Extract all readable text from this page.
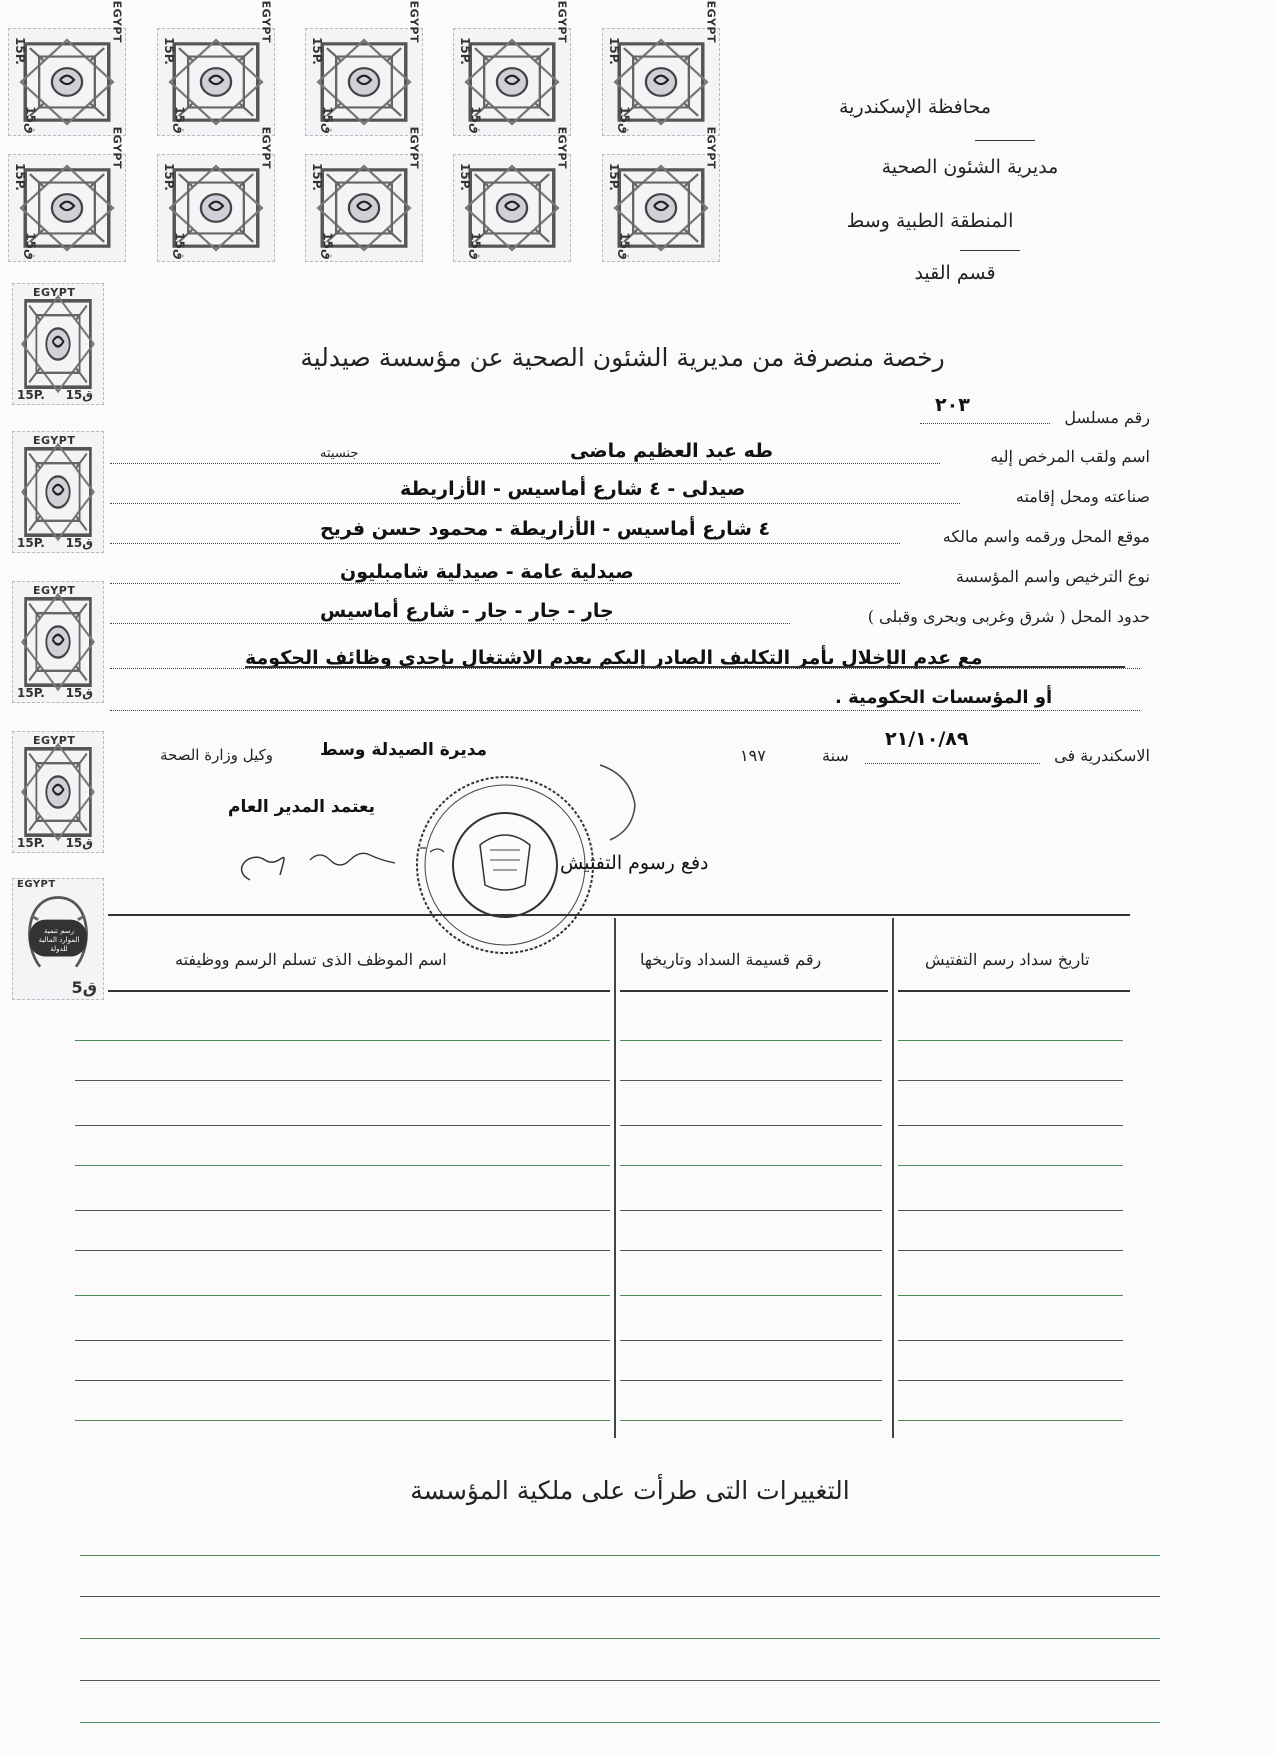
EGYPT
15P.
15ق
EGYPT
15P.
15ق
EGYPT
15P.
15ق
EGYPT
15P.
15ق
EGYPT
15P.
15ق
EGYPT
15P.
15ق
EGYPT
15P.
15ق
EGYPT
15P.
15ق
EGYPT
15P.
15ق
EGYPT
15P.
15ق
EGYPT
15P. 15ق
EGYPT
15P. 15ق
EGYPT
15P. 15ق
EGYPT
15P. 15ق
محافظة الإسكندرية
مديرية الشئون الصحية
المنطقة الطبية وسط
قسم القيد
رخصة منصرفة من مديرية الشئون الصحية عن مؤسسة صيدلية
رقم مسلسل
٢٠٣
اسم ولقب المرخص إليه
طه عبد العظيم ماضى
جنسيته
صناعته ومحل إقامته
صيدلى - ٤ شارع أماسيس - الأزاريطة
موقع المحل ورقمه واسم مالكه
٤ شارع أماسيس - الأزاريطة - محمود حسن فريح
نوع الترخيص واسم المؤسسة
صيدلية عامة - صيدلية شامبليون
حدود المحل ( شرق وغربى وبحرى وقبلى )
جار - جار - جار - شارع أماسيس
مع عدم الإخلال بأمر التكليف الصادر إليكم بعدم الاشتغال بإحدى وظائف الحكومة
أو المؤسسات الحكومية .
الاسكندرية فى
٢١/١٠/٨٩
سنة
١٩٧
مديرة الصيدلة وسط
وكيل وزارة الصحة
يعتمد المدير العام
دفع رسوم التفتيش
تاريخ سداد رسم التفتيش
رقم قسيمة السداد وتاريخها
اسم الموظف الذى تسلم الرسم ووظيفته
التغييرات التى طرأت على ملكية المؤسسة
EGYPT
رسم تنمية الموارد المالية للدولة
ق5
